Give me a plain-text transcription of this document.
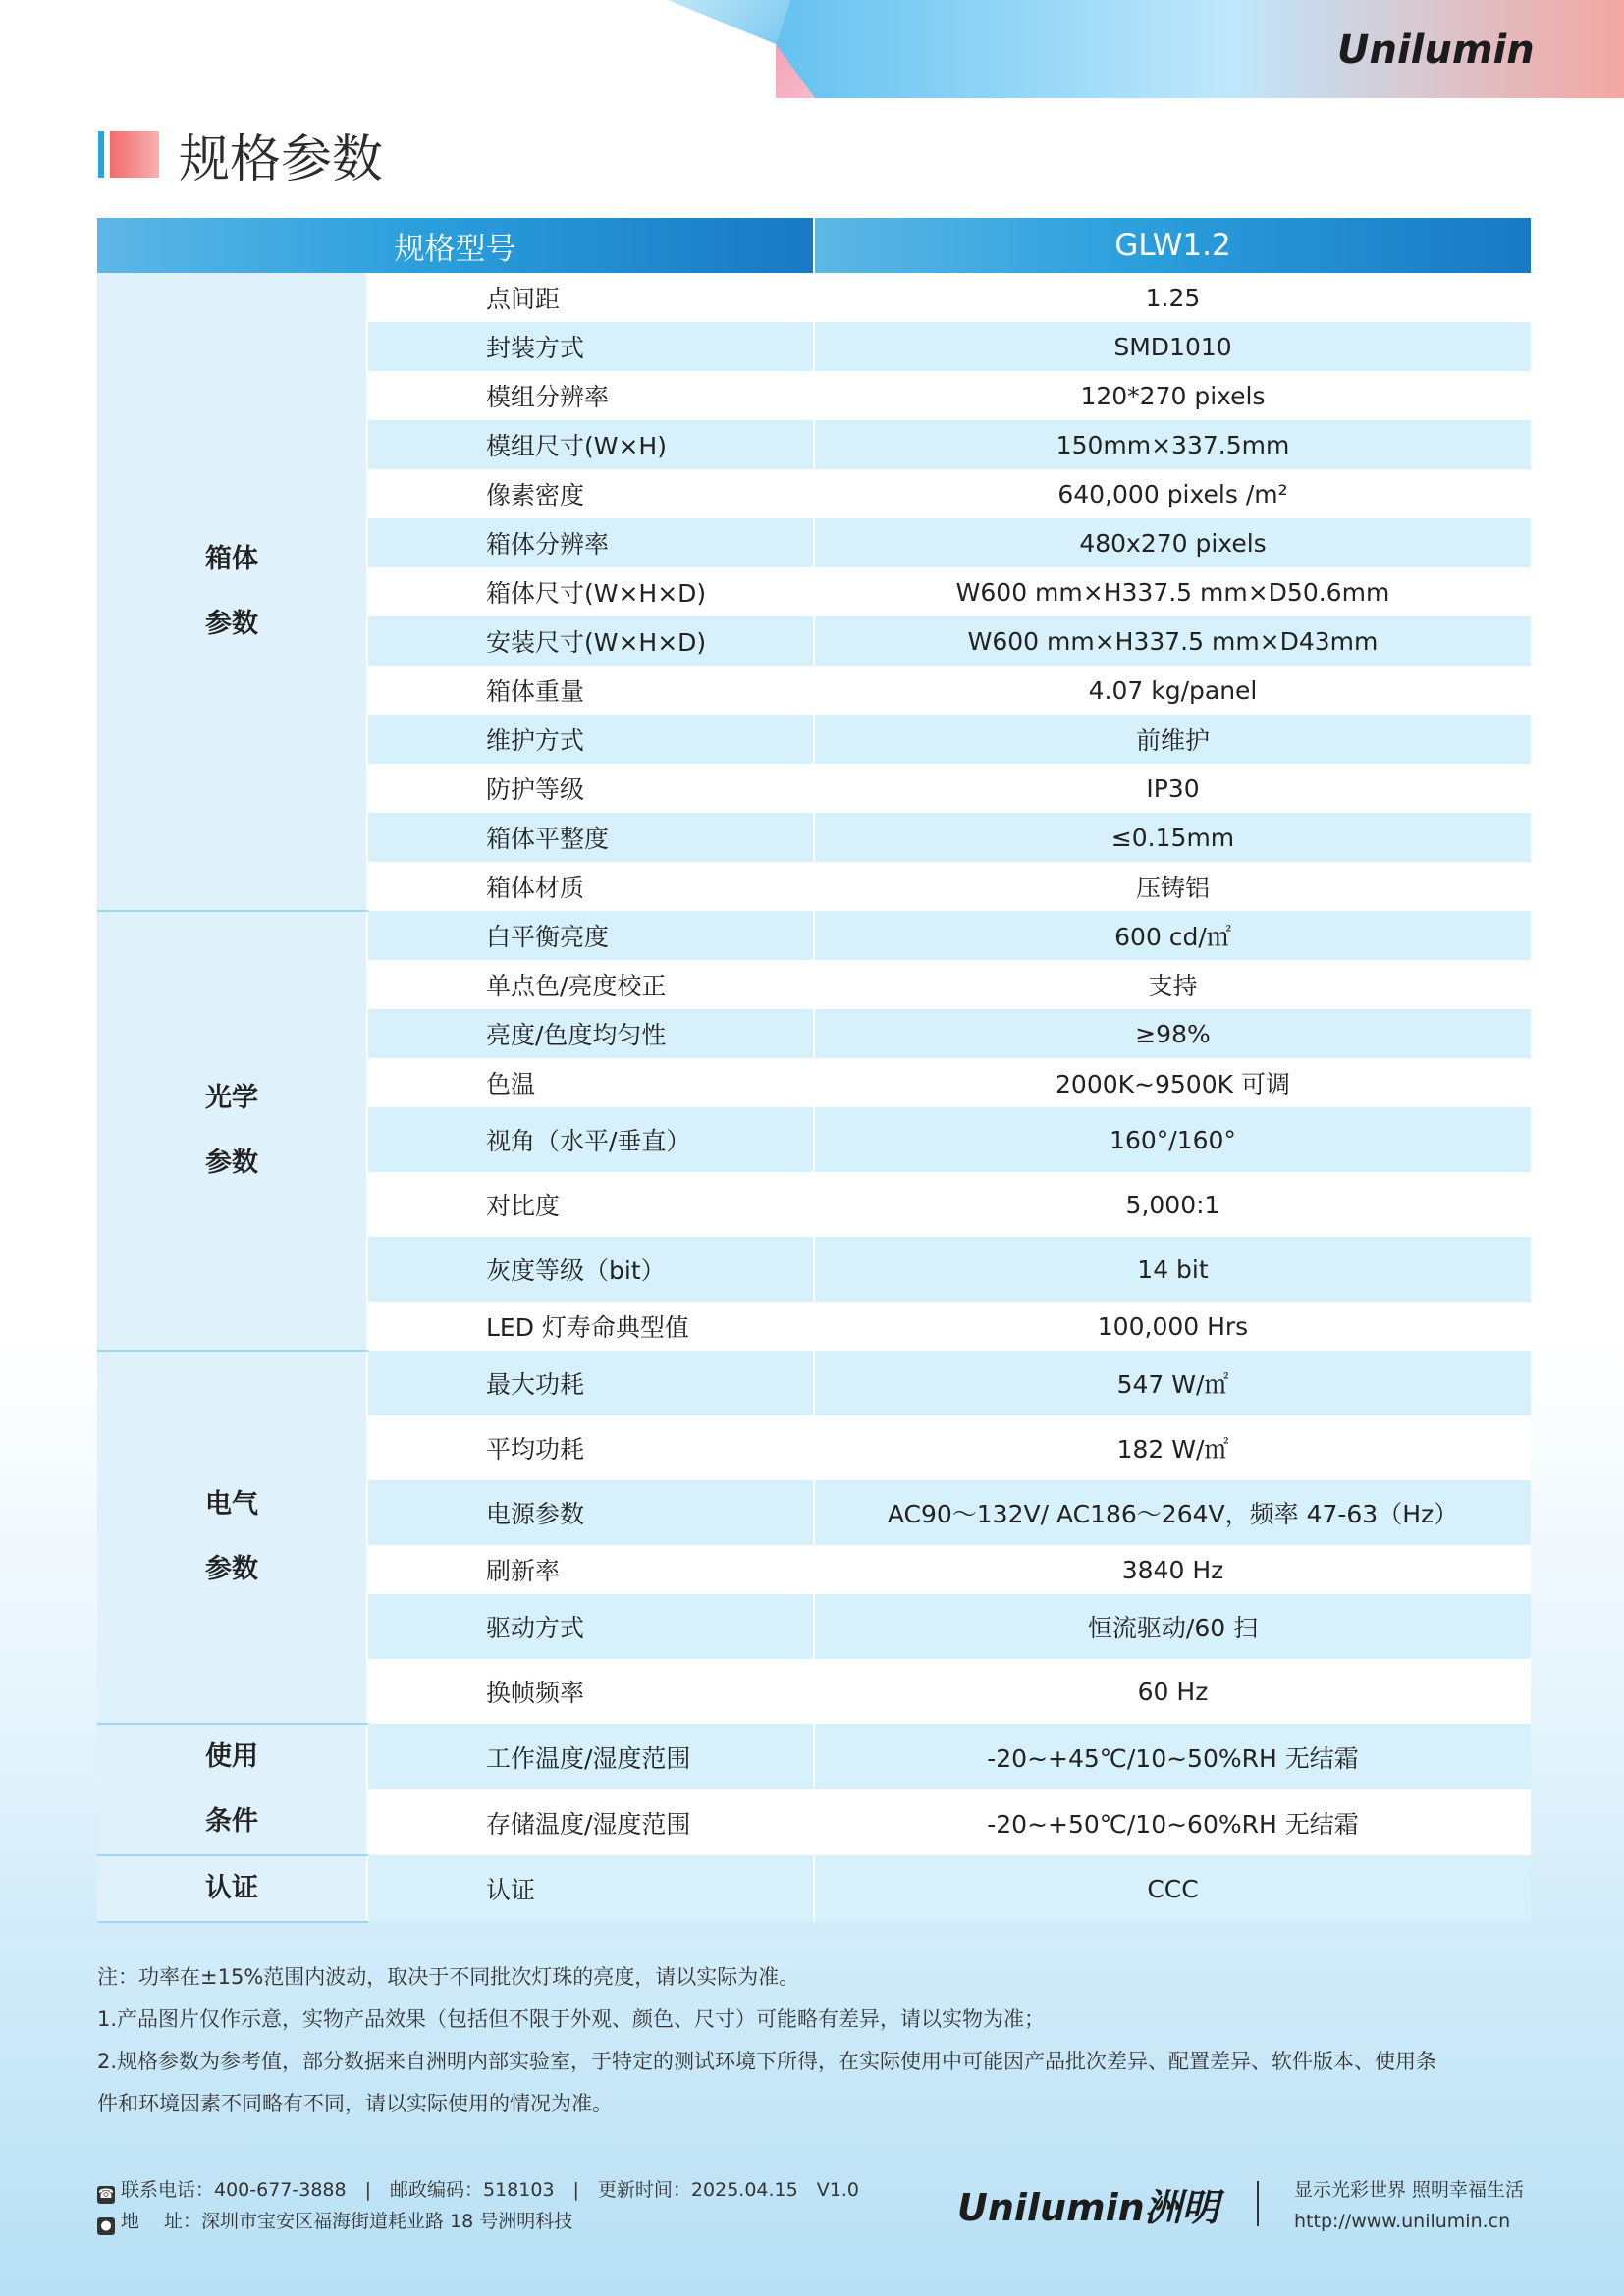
Unilumin
规格参数
规格型号		GLW1.2

箱体
参数	点间距	1.25
	封装方式	SMD1010
	模组分辨率	120*270 pixels
	模组尺寸(W×H)	150mm×337.5mm
	像素密度	640,000 pixels /m²
	箱体分辨率	480x270 pixels
	箱体尺寸(W×H×D)	W600 mm×H337.5 mm×D50.6mm
	安装尺寸(W×H×D)	W600 mm×H337.5 mm×D43mm
	箱体重量	4.07 kg/panel
	维护方式	前维护
	防护等级	IP30
	箱体平整度	≤0.15mm
	箱体材质	压铸铝

光学
参数	白平衡亮度	600 cd/㎡
	单点色/亮度校正	支持
	亮度/色度均匀性	≥98%
	色温	2000K~9500K 可调
	视角（水平/垂直）	160°/160°
	对比度	5,000:1
	灰度等级（bit）	14 bit
	LED 灯寿命典型值	100,000 Hrs

电气
参数	最大功耗	547 W/㎡
	平均功耗	182 W/㎡
	电源参数	AC90～132V/ AC186～264V，频率 47-63（Hz）
	刷新率	3840 Hz
	驱动方式	恒流驱动/60 扫
	换帧频率	60 Hz

使用
条件	工作温度/湿度范围	-20~+45℃/10~50%RH 无结霜
	存储温度/湿度范围	-20~+50℃/10~60%RH 无结霜

认证	认证	CCC
注：功率在±15%范围内波动，取决于不同批次灯珠的亮度，请以实际为准。
1.产品图片仅作示意，实物产品效果（包括但不限于外观、颜色、尺寸）可能略有差异，请以实物为准；
2.规格参数为参考值，部分数据来自洲明内部实验室，于特定的测试环境下所得，在实际使用中可能因产品批次差异、配置差异、软件版本、使用条
件和环境因素不同略有不同，请以实际使用的情况为准。
☎ 联系电话：400-677-3888　|　邮政编码：518103　|　更新时间：2025.04.15　V1.0
● 地　 址：深圳市宝安区福海街道耗业路 18 号洲明科技	Unilumin洲明	显示光彩世界 照明幸福生活
http://www.unilumin.cn
